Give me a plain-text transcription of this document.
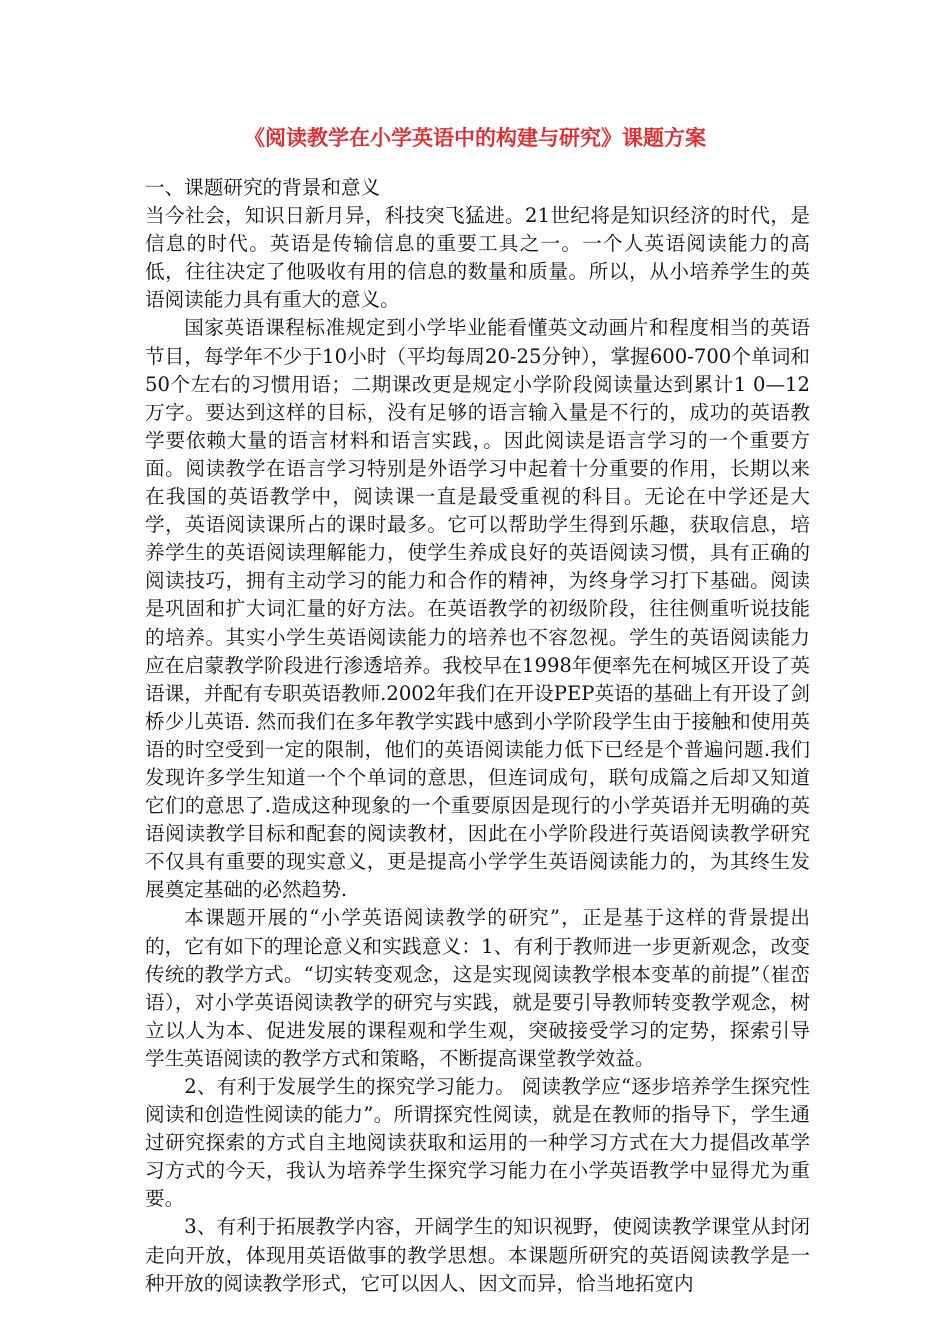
《阅读教学在小学英语中的构建与研究》课题方案

一、课题研究的背景和意义

当今社会，知识日新月异，科技突飞猛进。21世纪将是知识经济的时代，是信息的时代。英语是传输信息的重要工具之一。一个人英语阅读能力的高低，往往决定了他吸收有用的信息的数量和质量。所以，从小培养学生的英语阅读能力具有重大的意义。

国家英语课程标准规定到小学毕业能看懂英文动画片和程度相当的英语节目，每学年不少于10小时（平均每周20-25分钟），掌握600-700个单词和50个左右的习惯用语；二期课改更是规定小学阶段阅读量达到累计1 0—12万字。要达到这样的目标，没有足够的语言输入量是不行的，成功的英语教学要依赖大量的语言材料和语言实践，。因此阅读是语言学习的一个重要方面。阅读教学在语言学习特别是外语学习中起着十分重要的作用，长期以来在我国的英语教学中，阅读课一直是最受重视的科目。无论在中学还是大学，英语阅读课所占的课时最多。它可以帮助学生得到乐趣，获取信息，培养学生的英语阅读理解能力，使学生养成良好的英语阅读习惯，具有正确的阅读技巧，拥有主动学习的能力和合作的精神，为终身学习打下基础。阅读是巩固和扩大词汇量的好方法。在英语教学的初级阶段，往往侧重听说技能的培养。其实小学生英语阅读能力的培养也不容忽视。学生的英语阅读能力应在启蒙教学阶段进行渗透培养。我校早在1998年便率先在柯城区开设了英语课，并配有专职英语教师.2002年我们在开设PEP英语的基础上有开设了剑桥少儿英语. 然而我们在多年教学实践中感到小学阶段学生由于接触和使用英语的时空受到一定的限制，他们的英语阅读能力低下已经是个普遍问题.我们发现许多学生知道一个个单词的意思，但连词成句，联句成篇之后却又知道它们的意思了.造成这种现象的一个重要原因是现行的小学英语并无明确的英语阅读教学目标和配套的阅读教材，因此在小学阶段进行英语阅读教学研究不仅具有重要的现实意义，更是提高小学学生英语阅读能力的，为其终生发展奠定基础的必然趋势.

本课题开展的“小学英语阅读教学的研究”，正是基于这样的背景提出的，它有如下的理论意义和实践意义：1、有利于教师进一步更新观念，改变传统的教学方式。“切实转变观念，这是实现阅读教学根本变革的前提”（崔峦语），对小学英语阅读教学的研究与实践，就是要引导教师转变教学观念，树立以人为本、促进发展的课程观和学生观，突破接受学习的定势，探索引导学生英语阅读的教学方式和策略，不断提高课堂教学效益。

2、有利于发展学生的探究学习能力。 阅读教学应“逐步培养学生探究性阅读和创造性阅读的能力”。所谓探究性阅读，就是在教师的指导下，学生通过研究探索的方式自主地阅读获取和运用的一种学习方式在大力提倡改革学习方式的今天，我认为培养学生探究学习能力在小学英语教学中显得尤为重要。

3、有利于拓展教学内容，开阔学生的知识视野，使阅读教学课堂从封闭走向开放，体现用英语做事的教学思想。本课题所研究的英语阅读教学是一种开放的阅读教学形式，它可以因人、因文而异，恰当地拓宽内
